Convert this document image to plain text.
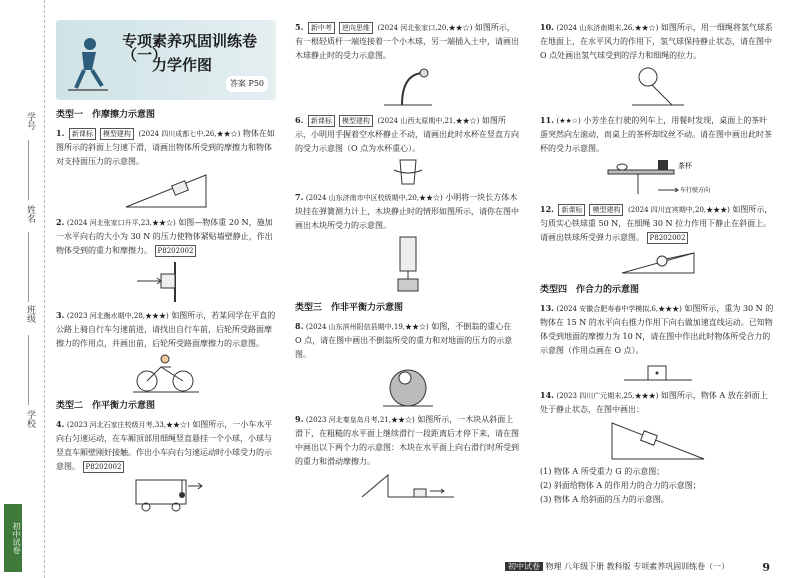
学号
姓名
班级
学校
初中试卷
专项素养巩固训练卷（一）
力学作图
答案 P50
类型一　作摩擦力示意图
1. 新课标 模型建构 (2024 四川成都七中,26,★★☆) 物体在如图所示的斜面上匀速下滑，请画出物体所受到的摩擦力和物体对支持面压力的示意图。
2. (2024 河北张家口升平,23,★★☆) 如图—物体重 20 N，施加一水平向右的大小为 30 N 的压力使物体紧贴墙壁静止，作出物体受到的重力和摩擦力。 P8202002
3. (2023 河北衡水期中,28,★★★) 如图所示，若某同学在平直的公路上骑自行车匀速前进，请找出自行车前，后轮所受路面摩擦力的作用点，并画出前，后轮所受路面摩擦力的示意图。
类型二　作平衡力示意图
4. (2023 河北石家庄校级月考,33,★★☆) 如图所示，一小车水平向右匀速运动，在车厢顶部用细绳竖直悬挂一个小球，小球与竖直车厢壁刚好接触。作出小车向右匀速运动时小球受力的示意图。 P8202002
5. 新中考 逆向思维 (2024 河北张家口,20,★★☆) 如图所示，有一根轻质杆一端连接着一个小木球，另一端插入土中，请画出木球静止时的受力示意图。
6. 新课标 模型建构 (2024 山西太原期中,21,★★☆) 如图所示，小明用手握着空水杯静止不动，请画出此时水杯在竖直方向的受力示意图（O 点为水杯重心）。
7. (2024 山东济南市中区校级期中,20,★★☆) 小明将一块长方体木块挂在弹簧测力计上，木块静止时的情形如图所示，请你在图中画出木块所受力的示意图。
类型三　作非平衡力示意图
8. (2024 山东滨州阳信县期中,19,★★☆) 如图，不倒翁的重心在 O 点，请在图中画出不倒翁所受的重力和对地面的压力的示意图。
9. (2023 河北秦皇岛月考,21,★★☆) 如图所示，一木块从斜面上滑下，在粗糙的水平面上继续滑行一段距离后才停下来，请在图中画出以下两个力的示意图：木块在水平面上向右滑行时所受到的重力和滑动摩擦力。
10. (2024 山东济南期末,26,★★☆) 如图所示，用一细绳将氢气球系在地面上，在水平风力的作用下，氢气球保持静止状态，请在图中 O 点处画出氢气球受到的浮力和细绳的拉力。
11. (★★☆) 小芳坐在行驶的列车上，用餐时发现，桌面上的茶叶蛋突然向左滚动，而桌上的茶杯却纹丝不动。请在图中画出此时茶杯的受力示意图。
茶杯
车行驶方向
12. 新课标 模型建构 (2024 四川宜宾期中,20,★★★) 如图所示，匀质实心铁球重 50 N，在细绳 30 N 拉力作用下静止在斜面上。请画出铁球所受弹力示意图。 P8202002
类型四　作合力的示意图
13. (2024 安徽合肥寿春中学模拟,6,★★★) 如图所示，重为 30 N 的物体在 15 N 的水平向右推力作用下向右做加速直线运动。已知物体受到地面的摩擦力为 10 N，请在图中作出此时物体所受合力的示意图（作用点画在 O 点）。
14. (2023 四川广元期末,25,★★★) 如图所示，物体 A 放在斜面上处于静止状态，在图中画出：
(1) 物体 A 所受重力 G 的示意图；
(2) 斜面给物体 A 的作用力的合力的示意图；
(3) 物体 A 给斜面的压力的示意图。
初中试卷 物理 八年级下册 教科版 专项素养巩固训练卷（一）	9
